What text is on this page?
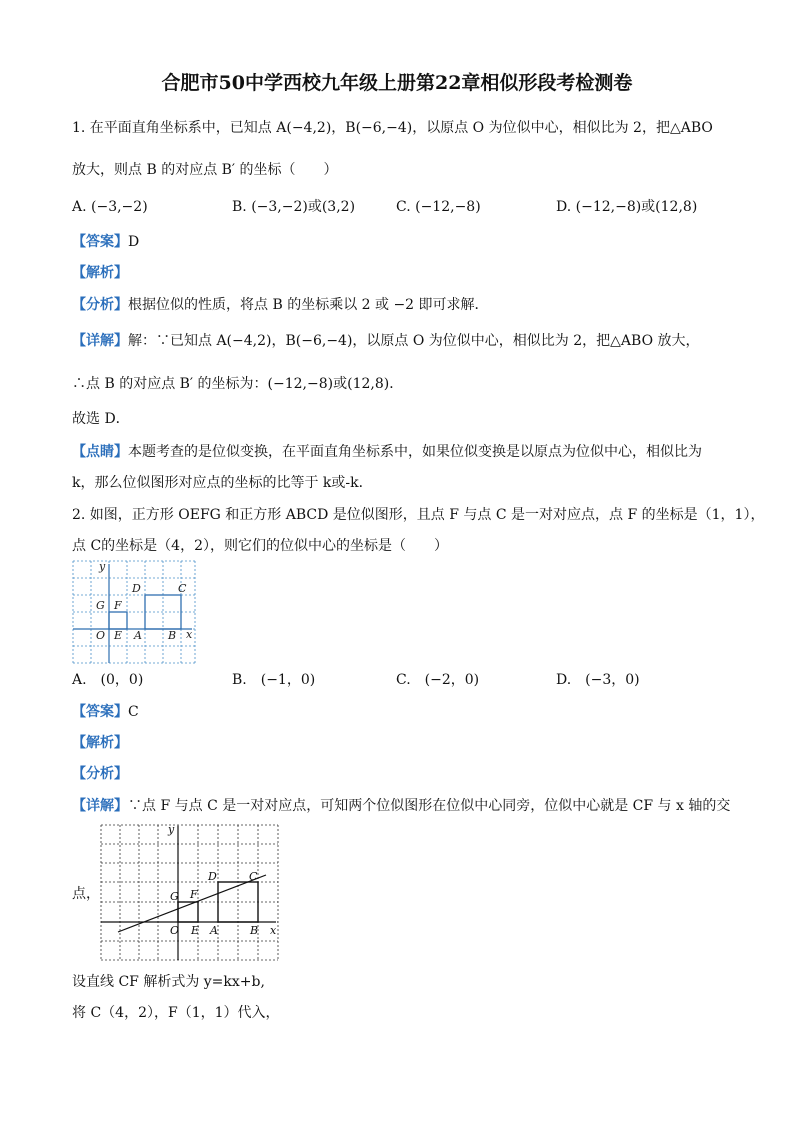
合肥市50中学西校九年级上册第22章相似形段考检测卷
1. 在平面直角坐标系中，已知点 A(−4,2)，B(−6,−4)，以原点 O 为位似中心，相似比为 2，把△ABO
放大，则点 B 的对应点 B′ 的坐标（　　）
A. (−3,−2)	B. (−3,−2)或(3,2)	C. (−12,−8)	D. (−12,−8)或(12,8)
【答案】D
【解析】
【分析】根据位似的性质，将点 B 的坐标乘以 2 或 −2 即可求解．
【详解】解：∵已知点 A(−4,2)，B(−6,−4)，以原点 O 为位似中心，相似比为 2，把△ABO 放大，
∴点 B 的对应点 B′ 的坐标为：(−12,−8)或(12,8)．
故选 D．
【点睛】本题考查的是位似变换，在平面直角坐标系中，如果位似变换是以原点为位似中心，相似比为
k，那么位似图形对应点的坐标的比等于 k或-k．
2. 如图，正方形 OEFG 和正方形 ABCD 是位似图形，且点 F 与点 C 是一对对应点，点 F 的坐标是（1，1），
点 C的坐标是（4，2），则它们的位似中心的坐标是（　　）
y
x
O E A B
G F
D	C
A.　(0，0)	B.　(−1，0)	C.　(−2，0)	D.　(−3，0)
【答案】C
【解析】
【分析】
【详解】∵点 F 与点 C 是一对对应点，可知两个位似图形在位似中心同旁，位似中心就是 CF 与 x 轴的交
点，
y
x
O E A	B
G F
D	C
设直线 CF 解析式为 y=kx+b,
将 C（4，2），F（1，1）代入，
